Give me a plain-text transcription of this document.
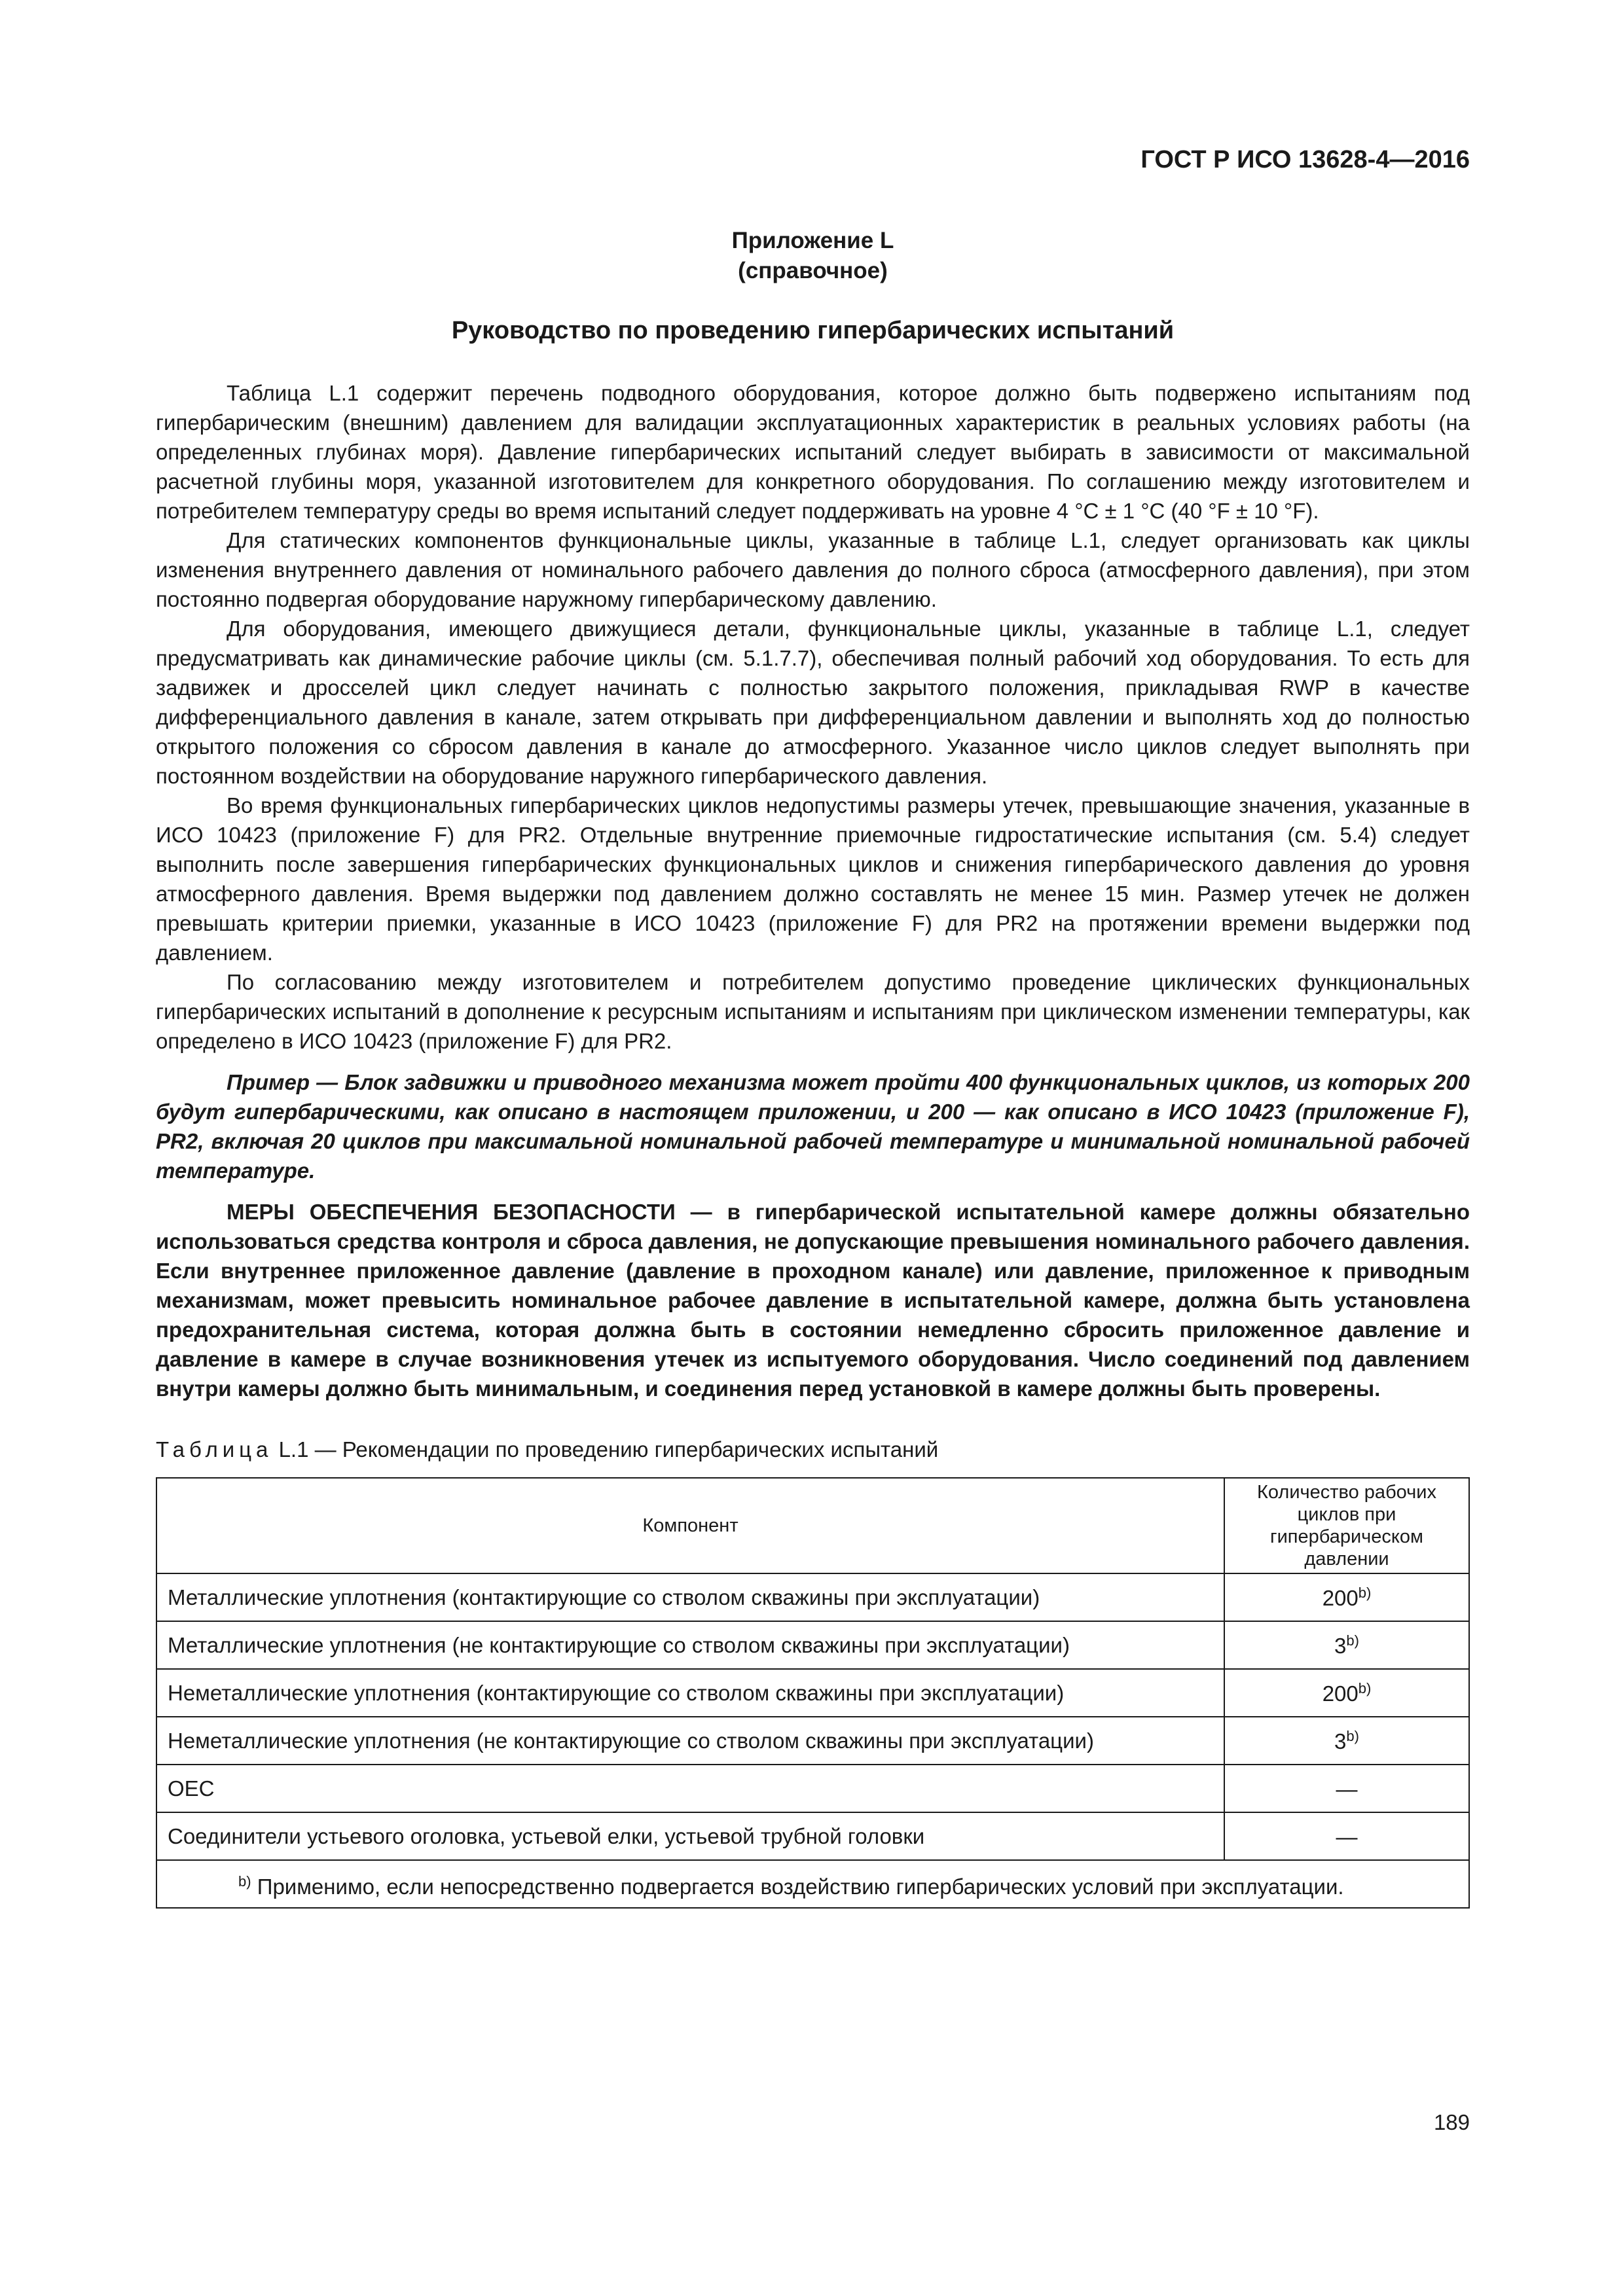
ГОСТ Р ИСО 13628-4—2016

Приложение L
(справочное)

Руководство по проведению гипербарических испытаний

Таблица L.1 содержит перечень подводного оборудования, которое должно быть подвержено испытаниям под гипербарическим (внешним) давлением для валидации эксплуатационных характеристик в реальных условиях работы (на определенных глубинах моря). Давление гипербарических испытаний следует выбирать в зависимости от максимальной расчетной глубины моря, указанной изготовителем для конкретного оборудования. По соглашению между изготовителем и потребителем температуру среды во время испытаний следует поддерживать на уровне 4 °C ± 1 °C (40 °F ± 10 °F).

Для статических компонентов функциональные циклы, указанные в таблице L.1, следует организовать как циклы изменения внутреннего давления от номинального рабочего давления до полного сброса (атмосферного давления), при этом постоянно подвергая оборудование наружному гипербарическому давлению.

Для оборудования, имеющего движущиеся детали, функциональные циклы, указанные в таблице L.1, следует предусматривать как динамические рабочие циклы (см. 5.1.7.7), обеспечивая полный рабочий ход оборудования. То есть для задвижек и дросселей цикл следует начинать с полностью закрытого положения, прикладывая RWP в качестве дифференциального давления в канале, затем открывать при дифференциальном давлении и выполнять ход до полностью открытого положения со сбросом давления в канале до атмосферного. Указанное число циклов следует выполнять при постоянном воздействии на оборудование наружного гипербарического давления.

Во время функциональных гипербарических циклов недопустимы размеры утечек, превышающие значения, указанные в ИСО 10423 (приложение F) для PR2. Отдельные внутренние приемочные гидростатические испытания (см. 5.4) следует выполнить после завершения гипербарических функциональных циклов и снижения гипербарического давления до уровня атмосферного давления. Время выдержки под давлением должно составлять не менее 15 мин. Размер утечек не должен превышать критерии приемки, указанные в ИСО 10423 (приложение F) для PR2 на протяжении времени выдержки под давлением.

По согласованию между изготовителем и потребителем допустимо проведение циклических функциональных гипербарических испытаний в дополнение к ресурсным испытаниям и испытаниям при циклическом изменении температуры, как определено в ИСО 10423 (приложение F) для PR2.

Пример — Блок задвижки и приводного механизма может пройти 400 функциональных циклов, из которых 200 будут гипербарическими, как описано в настоящем приложении, и 200 — как описано в ИСО 10423 (приложение F), PR2, включая 20 циклов при максимальной номинальной рабочей температуре и минимальной номинальной рабочей температуре.

МЕРЫ ОБЕСПЕЧЕНИЯ БЕЗОПАСНОСТИ — в гипербарической испытательной камере должны обязательно использоваться средства контроля и сброса давления, не допускающие превышения номинального рабочего давления. Если внутреннее приложенное давление (давление в проходном канале) или давление, приложенное к приводным механизмам, может превысить номинальное рабочее давление в испытательной камере, должна быть установлена предохранительная система, которая должна быть в состоянии немедленно сбросить приложенное давление и давление в камере в случае возникновения утечек из испытуемого оборудования. Число соединений под давлением внутри камеры должно быть минимальным, и соединения перед установкой в камере должны быть проверены.

Таблица L.1 — Рекомендации по проведению гипербарических испытаний
Компонент	Количество рабочих циклов при гипербарическом давлении
Металлические уплотнения (контактирующие со стволом скважины при эксплуатации)	200$^{b)}$
Металлические уплотнения (не контактирующие со стволом скважины при эксплуатации)	3$^{b)}$
Неметаллические уплотнения (контактирующие со стволом скважины при эксплуатации)	200$^{b)}$
Неметаллические уплотнения (не контактирующие со стволом скважины при эксплуатации)	3$^{b)}$
OEC	—
Соединители устьевого оголовка, устьевой елки, устьевой трубной головки	—
$^{b)}$ Применимо, если непосредственно подвергается воздействию гипербарических условий при эксплуатации.	

189
